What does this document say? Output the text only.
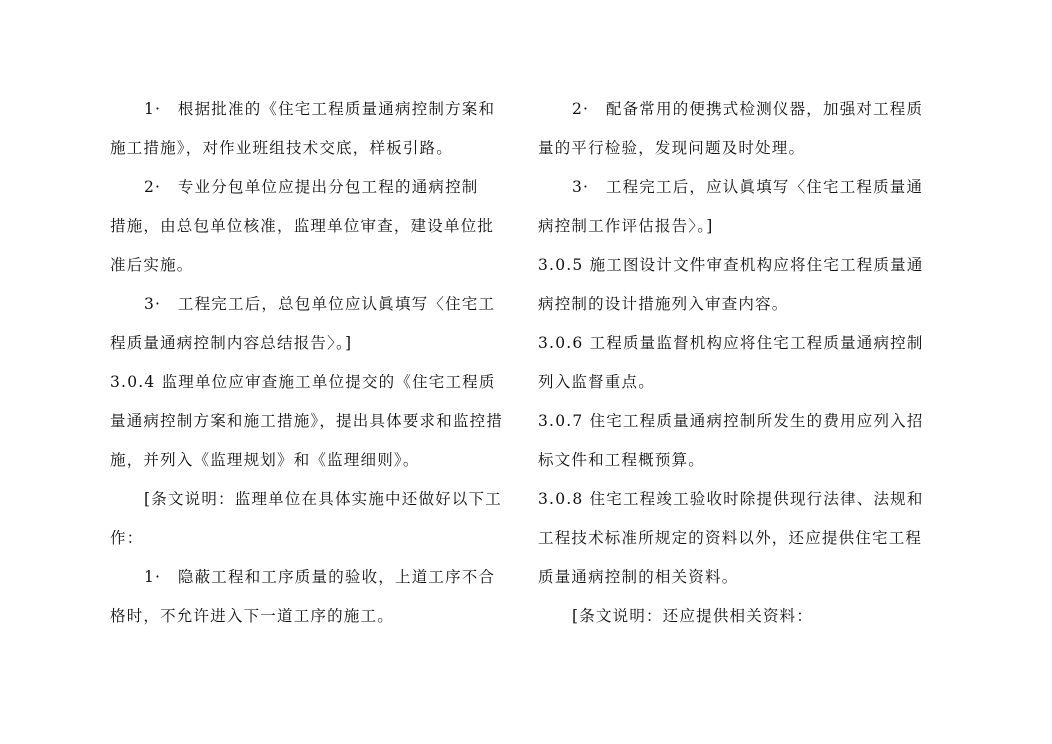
1·　根据批准的《住宅工程质量通病控制方案和
施工措施》，对作业班组技术交底，样板引路。
2·　专业分包单位应提出分包工程的通病控制
措施，由总包单位核准，监理单位审查，建设单位批
准后实施。
3·　工程完工后，总包单位应认眞填写〈住宅工
程质量通病控制内容总结报告〉。]
3.0.4 监理单位应审查施工单位提交的《住宅工程质
量通病控制方案和施工措施》，提出具体要求和监控措
施，并列入《监理规划》和《监理细则》。
[条文说明：监理单位在具体实施中还做好以下工
作：
1·　隐蔽工程和工序质量的验收，上道工序不合
格时，不允许进入下一道工序的施工。
2·　配备常用的便携式检测仪器，加强对工程质
量的平行检验，发现问题及时处理。
3·　工程完工后，应认眞填写〈住宅工程质量通
病控制工作评估报告〉。]
3.0.5 施工图设计文件审查机构应将住宅工程质量通
病控制的设计措施列入审查内容。
3.0.6 工程质量监督机构应将住宅工程质量通病控制
列入监督重点。
3.0.7 住宅工程质量通病控制所发生的费用应列入招
标文件和工程概预算。
3.0.8 住宅工程竣工验收时除提供现行法律、法规和
工程技术标准所规定的资料以外，还应提供住宅工程
质量通病控制的相关资料。
[条文说明：还应提供相关资料：
